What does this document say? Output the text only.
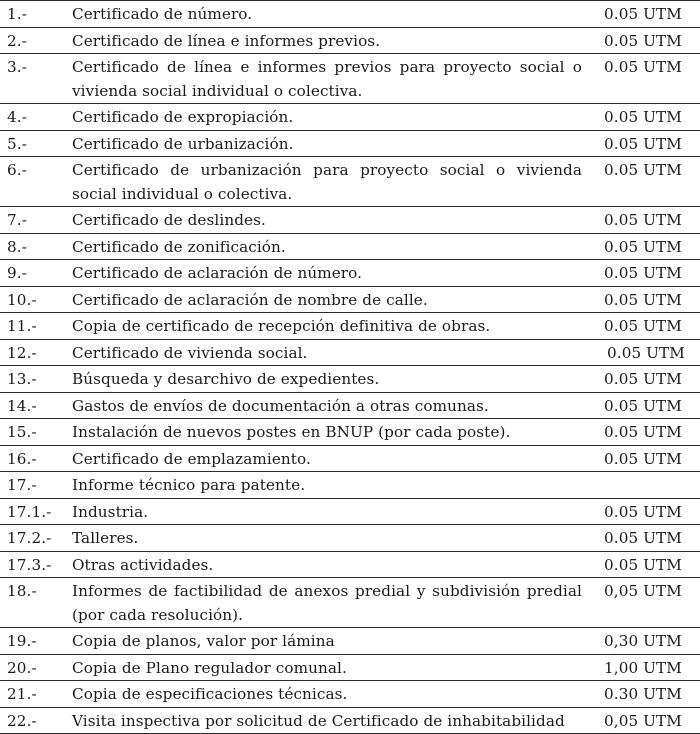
1.-	Certificado de número.	0.05 UTM
2.-	Certificado de línea e informes previos.	0.05 UTM
3.-	Certificado de línea e informes previos para proyecto social o vivienda social individual o colectiva.	0.05 UTM
4.-	Certificado de expropiación.	0.05 UTM
5.-	Certificado de urbanización.	0.05 UTM
6.-	Certificado de urbanización para proyecto social o vivienda social individual o colectiva.	0.05 UTM
7.-	Certificado de deslindes.	0.05 UTM
8.-	Certificado de zonificación.	0.05 UTM
9.-	Certificado de aclaración de número.	0.05 UTM
10.-	Certificado de aclaración de nombre de calle.	0.05 UTM
11.-	Copia de certificado de recepción definitiva de obras.	0.05 UTM
12.-	Certificado de vivienda social.	0.05 UTM
13.-	Búsqueda y desarchivo de expedientes.	0.05 UTM
14.-	Gastos de envíos de documentación a otras comunas.	0.05 UTM
15.-	Instalación de nuevos postes en BNUP (por cada poste).	0.05 UTM
16.-	Certificado de emplazamiento.	0.05 UTM
17.-	Informe técnico para patente.	
17.1.-	Industria.	0.05 UTM
17.2.-	Talleres.	0.05 UTM
17.3.-	Otras actividades.	0.05 UTM
18.-	Informes de factibilidad de anexos predial y subdivisión predial (por cada resolución).	0,05 UTM
19.-	Copia de planos, valor por lámina	0,30 UTM
20.-	Copia de Plano regulador comunal.	1,00 UTM
21.-	Copia de especificaciones técnicas.	0.30 UTM
22.-	Visita inspectiva por solicitud de Certificado de inhabitabilidad	0,05 UTM
